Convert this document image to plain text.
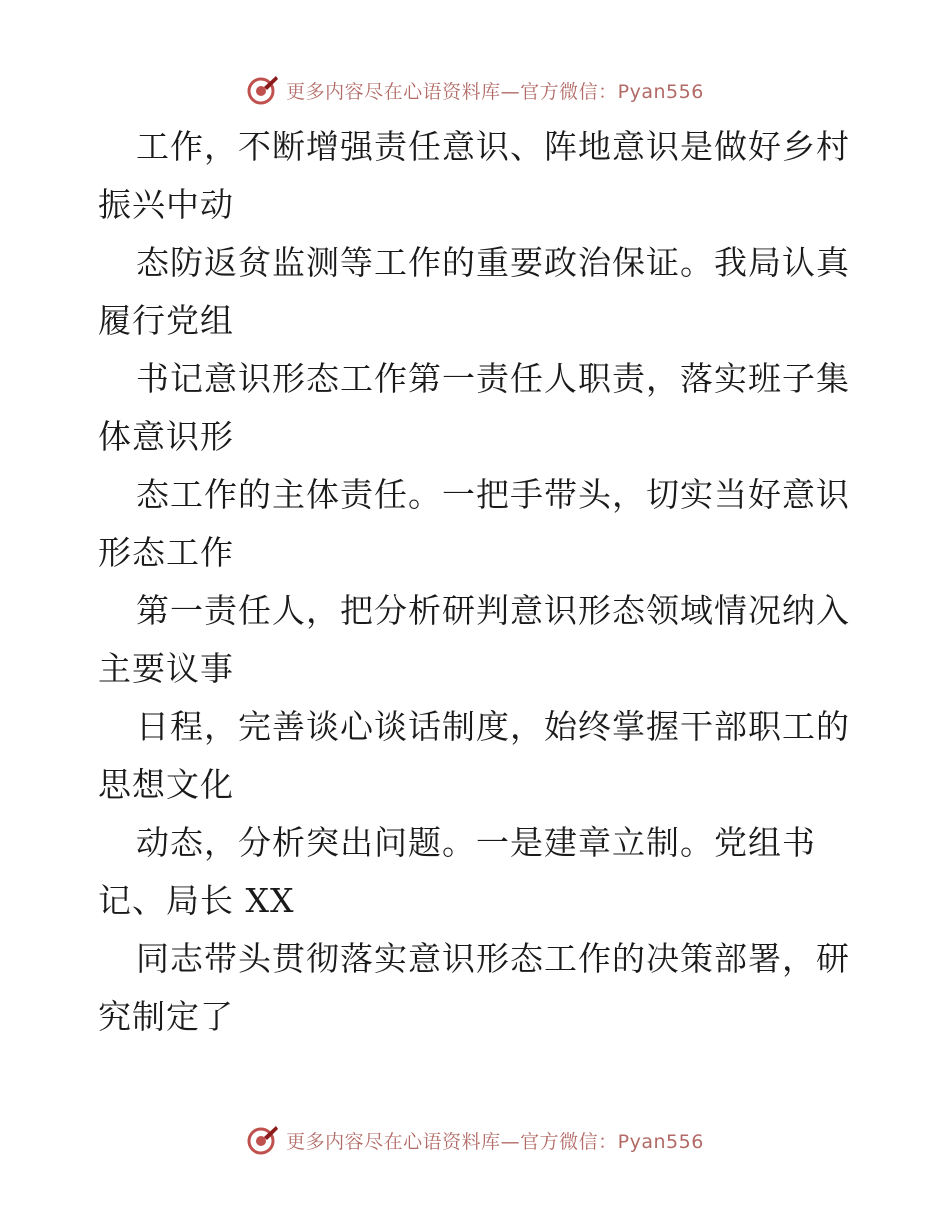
更多内容尽在心语资料库—官方微信：Pyan556

工作，不断增强责任意识、阵地意识是做好乡村振兴中动

态防返贫监测等工作的重要政治保证。我局认真履行党组

书记意识形态工作第一责任人职责，落实班子集体意识形

态工作的主体责任。一把手带头，切实当好意识形态工作

第一责任人，把分析研判意识形态领域情况纳入主要议事

日程，完善谈心谈话制度，始终掌握干部职工的思想文化

动态，分析突出问题。一是建章立制。党组书记、局长 XX

同志带头贯彻落实意识形态工作的决策部署，研究制定了

更多内容尽在心语资料库—官方微信：Pyan556
